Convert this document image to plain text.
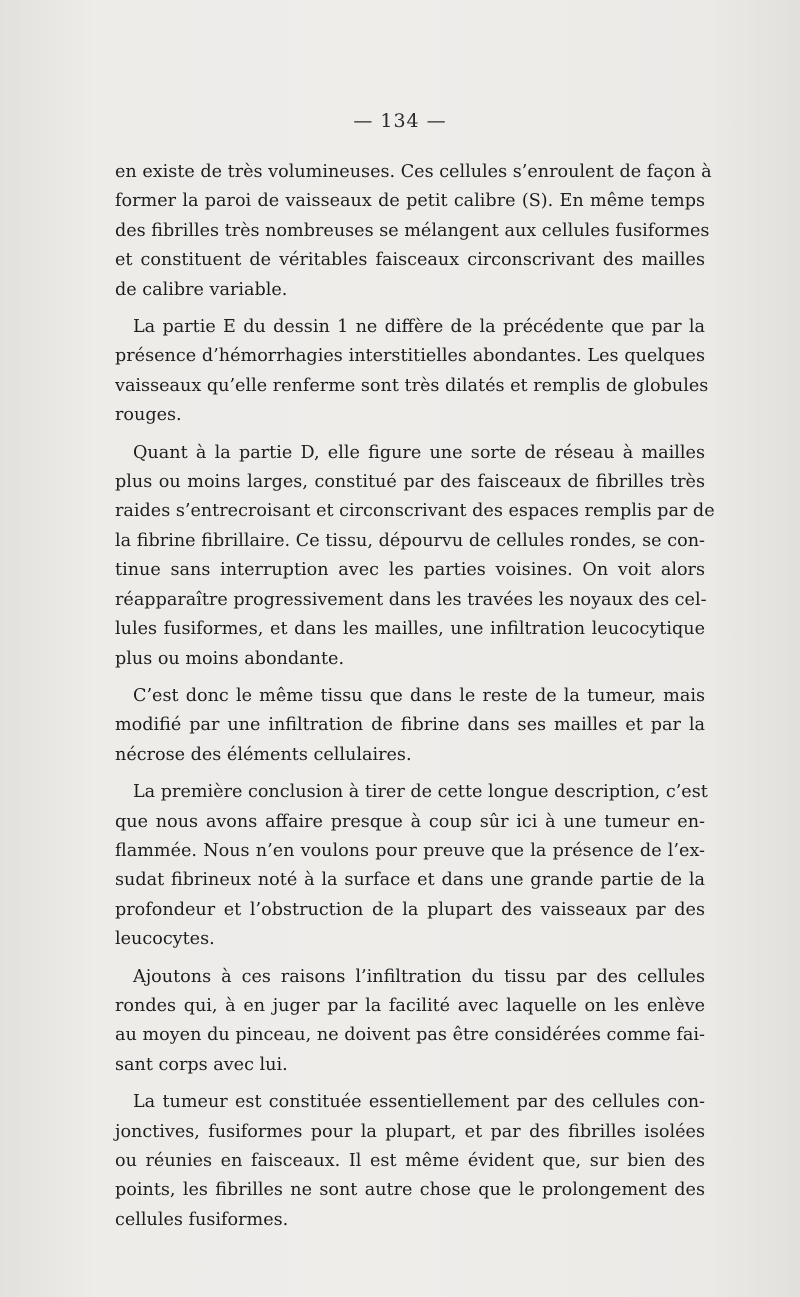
— 134 —

en existe de très volumineuses. Ces cellules s’enroulent de façon à
former la paroi de vaisseaux de petit calibre (S). En même temps
des fibrilles très nombreuses se mélangent aux cellules fusiformes
et constituent de véritables faisceaux circonscrivant des mailles
de calibre variable.

La partie E du dessin 1 ne diffère de la précédente que par la
présence d’hémorrhagies interstitielles abondantes. Les quelques
vaisseaux qu’elle renferme sont très dilatés et remplis de globules
rouges.

Quant à la partie D, elle figure une sorte de réseau à mailles
plus ou moins larges, constitué par des faisceaux de fibrilles très
raides s’entrecroisant et circonscrivant des espaces remplis par de
la fibrine fibrillaire. Ce tissu, dépourvu de cellules rondes, se con-
tinue sans interruption avec les parties voisines. On voit alors
réapparaître progressivement dans les travées les noyaux des cel-
lules fusiformes, et dans les mailles, une infiltration leucocytique
plus ou moins abondante.

C’est donc le même tissu que dans le reste de la tumeur, mais
modifié par une infiltration de fibrine dans ses mailles et par la
nécrose des éléments cellulaires.

La première conclusion à tirer de cette longue description, c’est
que nous avons affaire presque à coup sûr ici à une tumeur en-
flammée. Nous n’en voulons pour preuve que la présence de l’ex-
sudat fibrineux noté à la surface et dans une grande partie de la
profondeur et l’obstruction de la plupart des vaisseaux par des
leucocytes.

Ajoutons à ces raisons l’infiltration du tissu par des cellules
rondes qui, à en juger par la facilité avec laquelle on les enlève
au moyen du pinceau, ne doivent pas être considérées comme fai-
sant corps avec lui.

La tumeur est constituée essentiellement par des cellules con-
jonctives, fusiformes pour la plupart, et par des fibrilles isolées
ou réunies en faisceaux. Il est même évident que, sur bien des
points, les fibrilles ne sont autre chose que le prolongement des
cellules fusiformes.
